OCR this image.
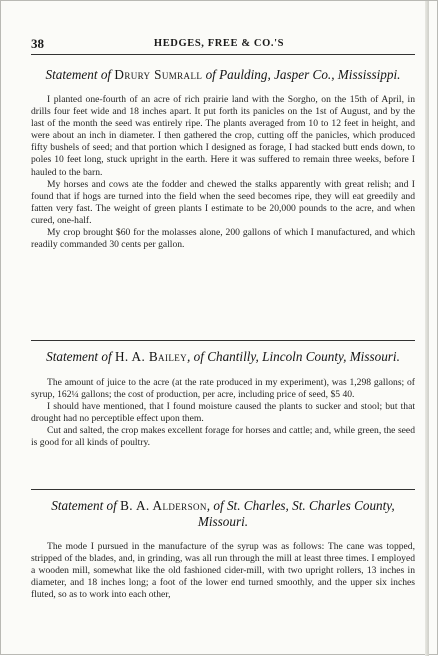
38	HEDGES, FREE & CO.'S
Statement of Drury Sumrall of Paulding, Jasper Co., Mississippi.

I planted one-fourth of an acre of rich prairie land with the Sorgho, on the 15th of April, in drills four feet wide and 18 inches apart. It put forth its panicles on the 1st of August, and by the last of the month the seed was entirely ripe. The plants averaged from 10 to 12 feet in height, and were about an inch in diameter. I then gathered the crop, cutting off the panicles, which produced fifty bushels of seed; and that portion which I designed as forage, I had stacked butt ends down, to poles 10 feet long, stuck upright in the earth. Here it was suffered to remain three weeks, before I hauled to the barn.

My horses and cows ate the fodder and chewed the stalks apparently with great relish; and I found that if hogs are turned into the field when the seed becomes ripe, they will eat greedily and fatten very fast. The weight of green plants I estimate to be 20,000 pounds to the acre, and when cured, one-half.

My crop brought $60 for the molasses alone, 200 gallons of which I manufactured, and which readily commanded 30 cents per gallon.

Statement of H. A. Bailey, of Chantilly, Lincoln County, Missouri.

The amount of juice to the acre (at the rate produced in my experiment), was 1,298 gallons; of syrup, 162¼ gallons; the cost of production, per acre, including price of seed, $5 40.

I should have mentioned, that I found moisture caused the plants to sucker and stool; but that drought had no perceptible effect upon them.

Cut and salted, the crop makes excellent forage for horses and cattle; and, while green, the seed is good for all kinds of poultry.

Statement of B. A. Alderson, of St. Charles, St. Charles County, Missouri.

The mode I pursued in the manufacture of the syrup was as follows: The cane was topped, stripped of the blades, and, in grinding, was all run through the mill at least three times. I employed a wooden mill, somewhat like the old fashioned cider-mill, with two upright rollers, 13 inches in diameter, and 18 inches long; a foot of the lower end turned smoothly, and the upper six inches fluted, so as to work into each other,
